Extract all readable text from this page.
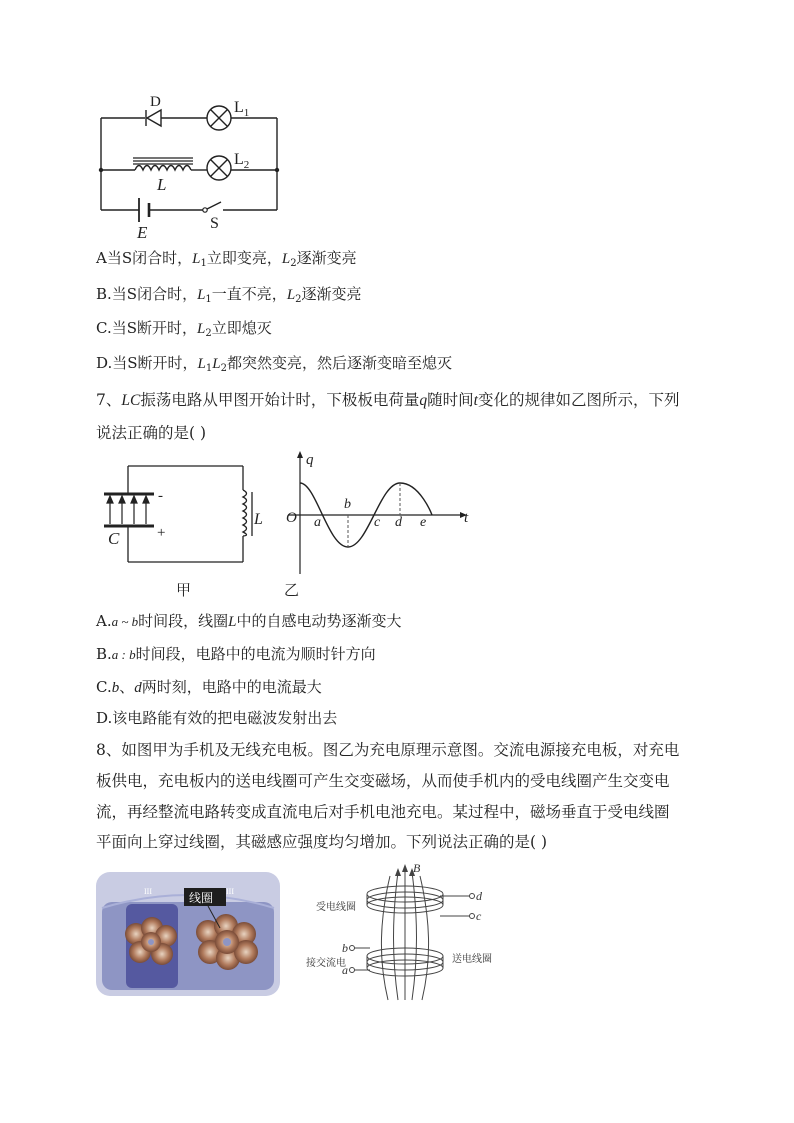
D	$L_1$
$L_2$
L
E	S
A当S闭合时，$L_1$立即变亮，$L_2$逐渐变亮
B.当S闭合时，$L_1$一直不亮，$L_2$逐渐变亮
C.当S断开时，$L_2$立即熄灭
D.当S断开时，$L_1L_2$都突然变亮，然后逐渐变暗至熄灭
7、LC振荡电路从甲图开始计时，下极板电荷量q随时间t变化的规律如乙图所示，下列
说法正确的是( )
-
+
C
L
甲
q
t
O a
b
c d e
乙
A.a ~ b时间段，线圈L中的自感电动势逐渐变大
B.a : b时间段，电路中的电流为顺时针方向
C.b、d两时刻，电路中的电流最大
D.该电路能有效的把电磁波发射出去
8、如图甲为手机及无线充电板。图乙为充电原理示意图。交流电源接充电板，对充电
板供电，充电板内的送电线圈可产生交变磁场，从而使手机内的受电线圈产生交变电
流，再经整流电路转变成直流电后对手机电池充电。某过程中，磁场垂直于受电线圈
平面向上穿过线圈，其磁感应强度均匀增加。下列说法正确的是( )
线圈
III	III
B
d
c
b
a
受电线圈
接交流电	送电线圈
